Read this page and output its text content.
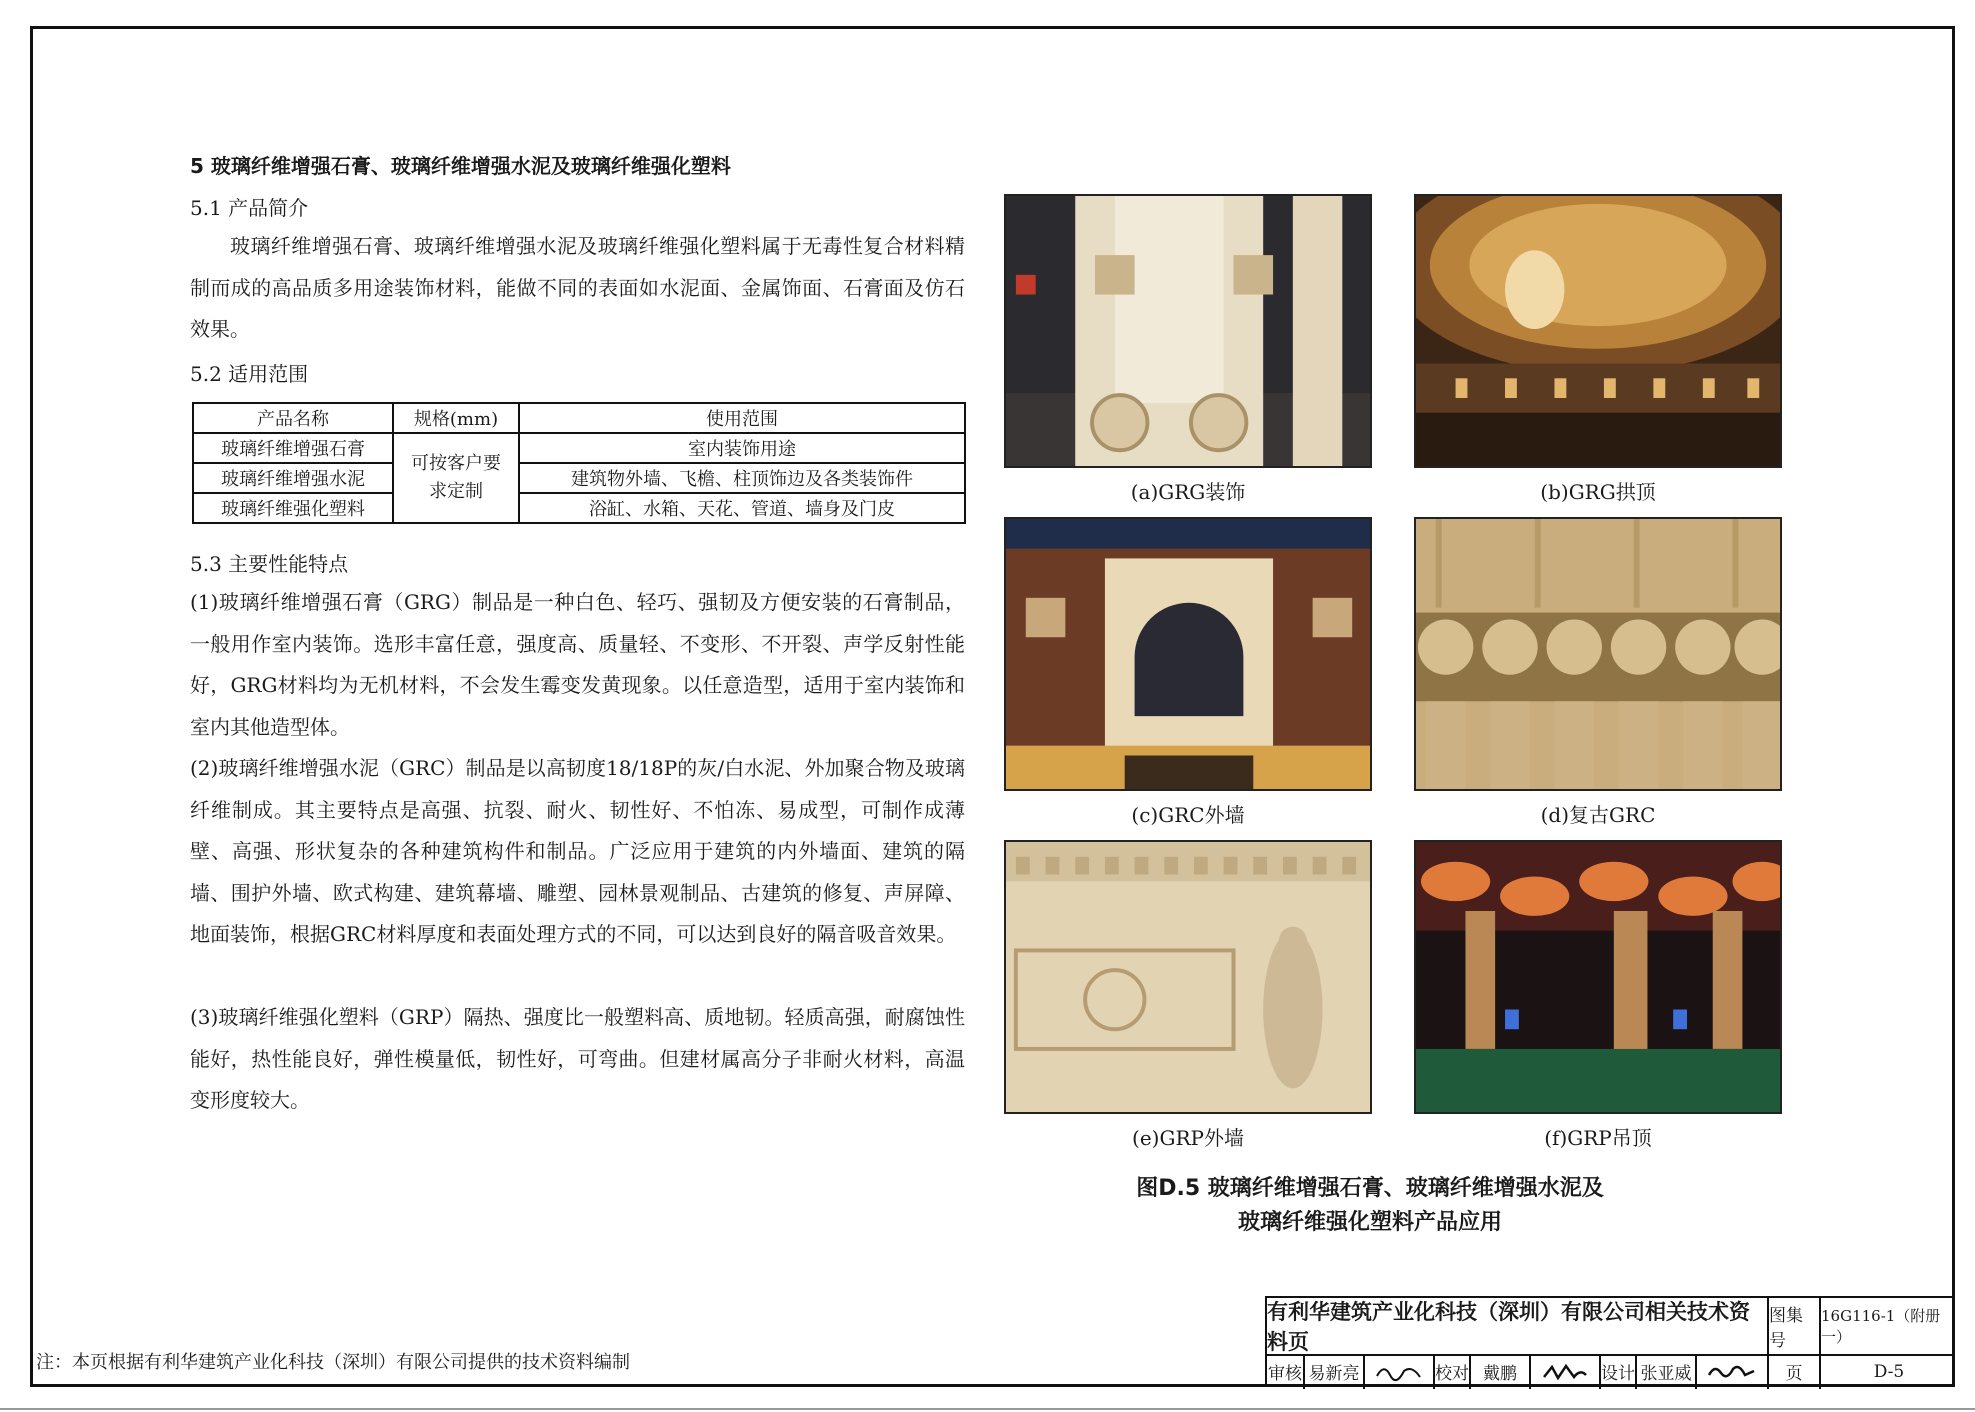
5 玻璃纤维增强石膏、玻璃纤维增强水泥及玻璃纤维强化塑料
5.1 产品简介
玻璃纤维增强石膏、玻璃纤维增强水泥及玻璃纤维强化塑料属于无毒性复合材料精制而成的高品质多用途装饰材料，能做不同的表面如水泥面、金属饰面、石膏面及仿石效果。
5.2 适用范围
产品名称	规格(mm)	使用范围
玻璃纤维增强石膏	可按客户要求定制	室内装饰用途
玻璃纤维增强水泥		建筑物外墙、飞檐、柱顶饰边及各类装饰件
玻璃纤维强化塑料		浴缸、水箱、天花、管道、墙身及门皮
5.3 主要性能特点
(1)玻璃纤维增强石膏（GRG）制品是一种白色、轻巧、强韧及方便安装的石膏制品，一般用作室内装饰。选形丰富任意，强度高、质量轻、不变形、不开裂、声学反射性能好，GRG材料均为无机材料，不会发生霉变发黄现象。以任意造型，适用于室内装饰和室内其他造型体。
(2)玻璃纤维增强水泥（GRC）制品是以高韧度18/18P的灰/白水泥、外加聚合物及玻璃纤维制成。其主要特点是高强、抗裂、耐火、韧性好、不怕冻、易成型，可制作成薄壁、高强、形状复杂的各种建筑构件和制品。广泛应用于建筑的内外墙面、建筑的隔墙、围护外墙、欧式构建、建筑幕墙、雕塑、园林景观制品、古建筑的修复、声屏障、地面装饰，根据GRC材料厚度和表面处理方式的不同，可以达到良好的隔音吸音效果。
(3)玻璃纤维强化塑料（GRP）隔热、强度比一般塑料高、质地韧。轻质高强，耐腐蚀性能好，热性能良好，弹性模量低，韧性好，可弯曲。但建材属高分子非耐火材料，高温变形度较大。
(a)GRG装饰	(b)GRG拱顶
(c)GRC外墙	(d)复古GRC
(e)GRP外墙	(f)GRP吊顶
图D.5 玻璃纤维增强石膏、玻璃纤维增强水泥及
玻璃纤维强化塑料产品应用
注：本页根据有利华建筑产业化科技（深圳）有限公司提供的技术资料编制
有利华建筑产业化科技（深圳）有限公司相关技术资料页
图集号
16G116-1（附册一）
审核 易新亮	校对 戴鹏	设计 张亚威	页	D-5
